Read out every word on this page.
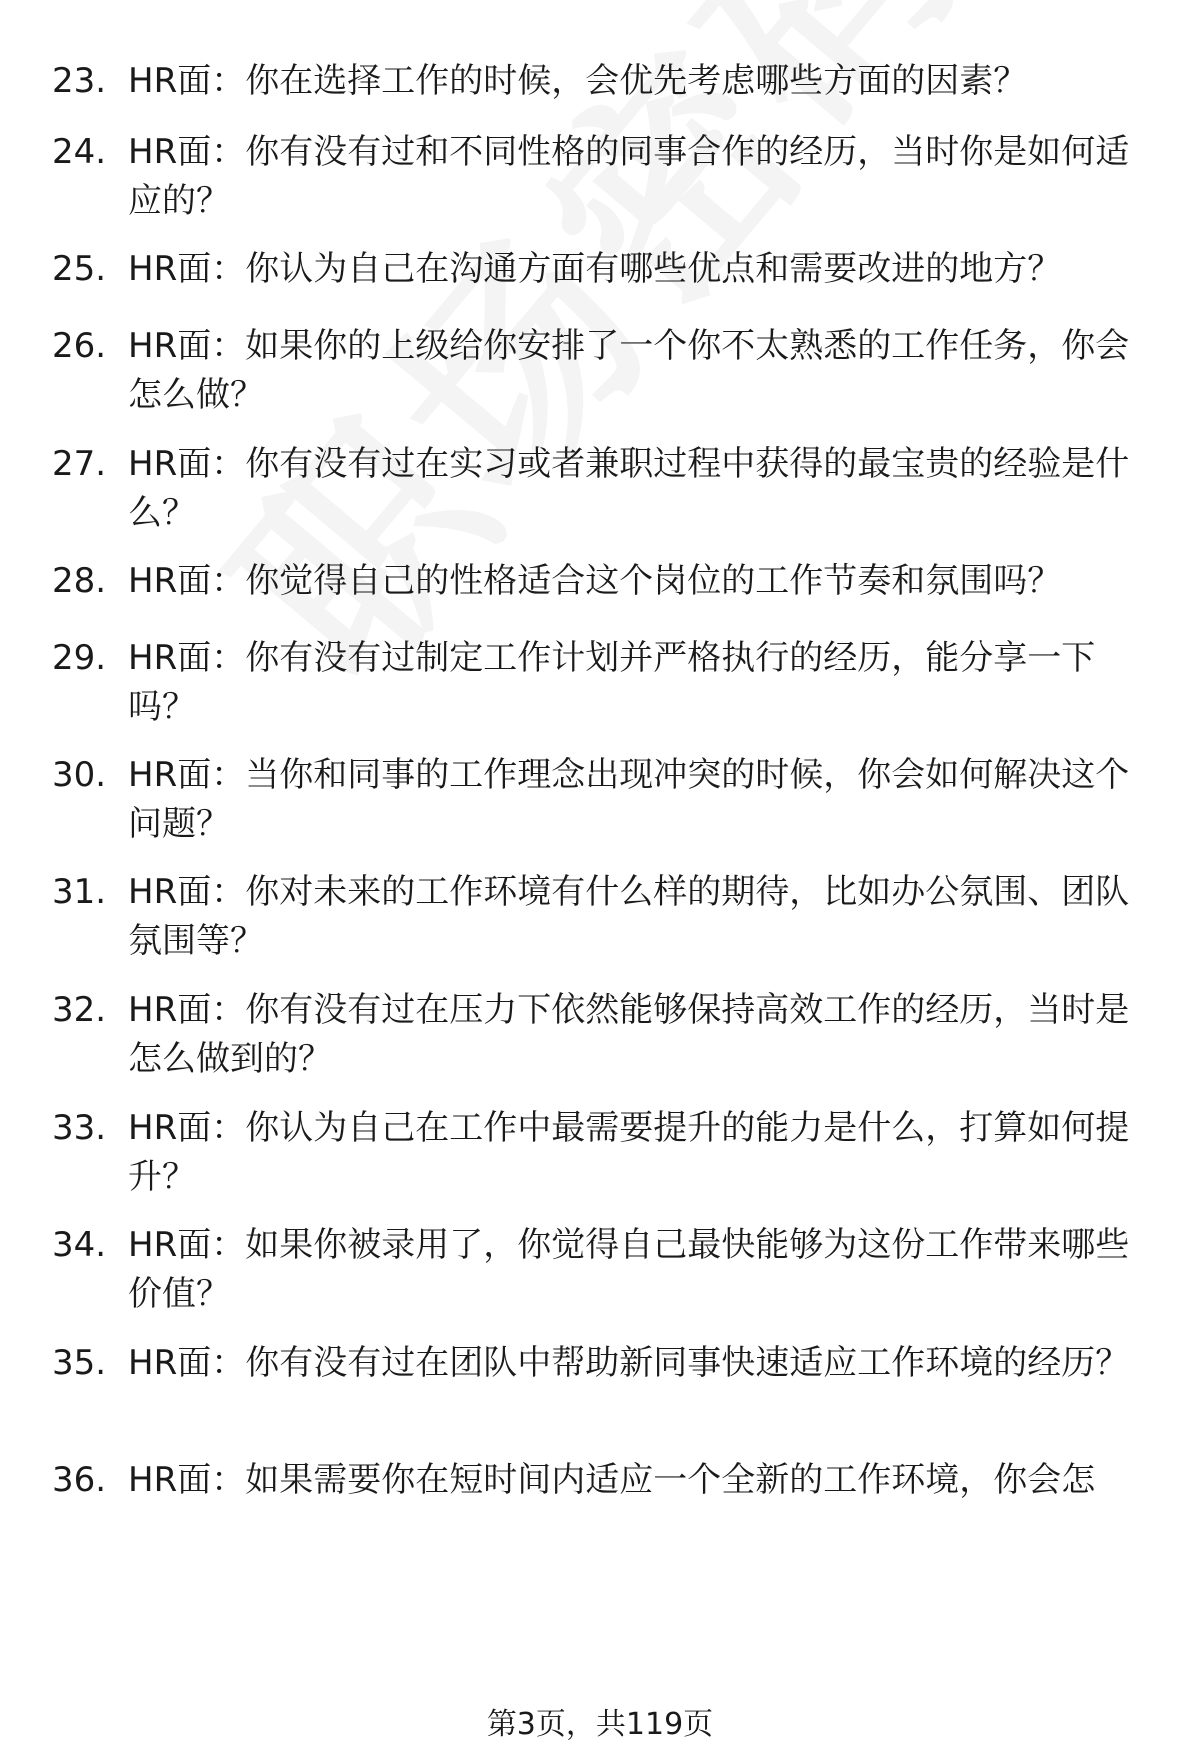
23. HR面：你在选择工作的时候，会优先考虑哪些方面的因素？
24. HR面：你有没有过和不同性格的同事合作的经历，当时你是如何适应的？
25. HR面：你认为自己在沟通方面有哪些优点和需要改进的地方？
26. HR面：如果你的上级给你安排了一个你不太熟悉的工作任务，你会怎么做？
27. HR面：你有没有过在实习或者兼职过程中获得的最宝贵的经验是什么？
28. HR面：你觉得自己的性格适合这个岗位的工作节奏和氛围吗？
29. HR面：你有没有过制定工作计划并严格执行的经历，能分享一下吗？
30. HR面：当你和同事的工作理念出现冲突的时候，你会如何解决这个问题？
31. HR面：你对未来的工作环境有什么样的期待，比如办公氛围、团队氛围等？
32. HR面：你有没有过在压力下依然能够保持高效工作的经历，当时是怎么做到的？
33. HR面：你认为自己在工作中最需要提升的能力是什么，打算如何提升？
34. HR面：如果你被录用了，你觉得自己最快能够为这份工作带来哪些价值？
35. HR面：你有没有过在团队中帮助新同事快速适应工作环境的经历？
36. HR面：如果需要你在短时间内适应一个全新的工作环境，你会怎
第3页，共119页
